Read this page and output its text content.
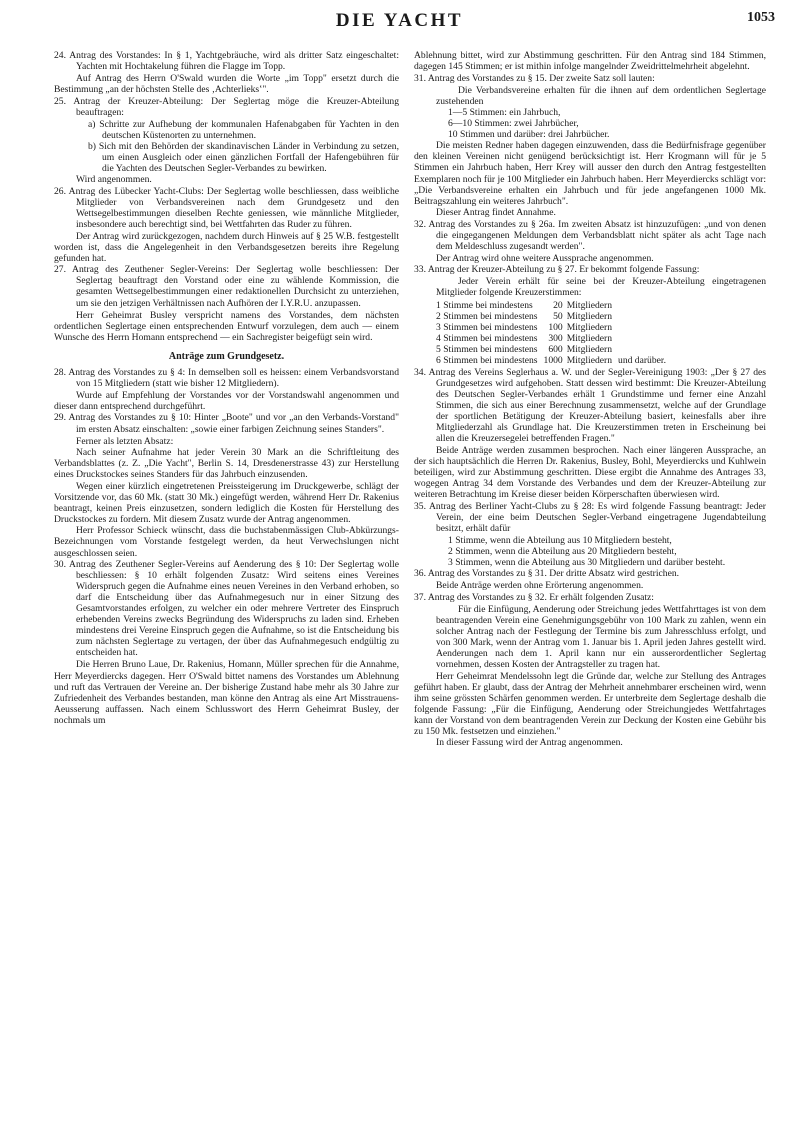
DIE YACHT	1053

24. Antrag des Vorstandes: In § 1, Yachtgebräuche, wird als dritter Satz eingeschaltet: Yachten mit Hochtakelung führen die Flagge im Topp.

Auf Antrag des Herrn O'Swald wurden die Worte „im Topp" ersetzt durch die Bestimmung „an der höchsten Stelle des ‚Achterlieks‛".

25. Antrag der Kreuzer-Abteilung: Der Seglertag möge die Kreuzer-Abteilung beauftragen:

a) Schritte zur Aufhebung der kommunalen Hafenabgaben für Yachten in den deutschen Küstenorten zu unternehmen.

b) Sich mit den Behörden der skandinavischen Länder in Verbindung zu setzen, um einen Ausgleich oder einen gänzlichen Fortfall der Hafengebühren für die Yachten des Deutschen Segler-Verbandes zu bewirken.

Wird angenommen.

26. Antrag des Lübecker Yacht-Clubs: Der Seglertag wolle beschliessen, dass weibliche Mitglieder von Verbandsvereinen nach dem Grundgesetz und den Wettsegelbestimmungen dieselben Rechte geniessen, wie männliche Mitglieder, insbesondere auch berechtigt sind, bei Wettfahrten das Ruder zu führen.

Der Antrag wird zurückgezogen, nachdem durch Hinweis auf § 25 W.B. festgestellt worden ist, dass die Angelegenheit in den Verbandsgesetzen bereits ihre Regelung gefunden hat.

27. Antrag des Zeuthener Segler-Vereins: Der Seglertag wolle beschliessen: Der Seglertag beauftragt den Vorstand oder eine zu wählende Kommission, die gesamten Wettsegelbestimmungen einer redaktionellen Durchsicht zu unterziehen, um sie den jetzigen Verhältnissen nach Aufhören der I.Y.R.U. anzupassen.

Herr Geheimrat Busley verspricht namens des Vorstandes, dem nächsten ordentlichen Seglertage einen entsprechenden Entwurf vorzulegen, dem auch — einem Wunsche des Herrn Homann entsprechend — ein Sachregister beigefügt sein wird.

Anträge zum Grundgesetz.

28. Antrag des Vorstandes zu § 4: In demselben soll es heissen: einem Verbandsvorstand von 15 Mitgliedern (statt wie bisher 12 Mitgliedern).

Wurde auf Empfehlung der Vorstandes vor der Vorstandswahl angenommen und dieser dann entsprechend durchgeführt.

29. Antrag des Vorstandes zu § 10: Hinter „Boote" und vor „an den Verbands-Vorstand" im ersten Absatz einschalten: „sowie einer farbigen Zeichnung seines Standers".

Ferner als letzten Absatz:

Nach seiner Aufnahme hat jeder Verein 30 Mark an die Schriftleitung des Verbandsblattes (z. Z. „Die Yacht", Berlin S. 14, Dresdenerstrasse 43) zur Herstellung eines Druckstockes seines Standers für das Jahrbuch einzusenden.

Wegen einer kürzlich eingetretenen Preissteigerung im Druckgewerbe, schlägt der Vorsitzende vor, das 60 Mk. (statt 30 Mk.) eingefügt werden, während Herr Dr. Rakenius beantragt, keinen Preis einzusetzen, sondern lediglich die Kosten für Herstellung des Druckstockes zu fordern. Mit diesem Zusatz wurde der Antrag angenommen.

Herr Professor Schieck wünscht, dass die buchstabenmässigen Club-Abkürzungs-Bezeichnungen vom Vorstande festgelegt werden, da heut Verwechslungen nicht ausgeschlossen seien.

30. Antrag des Zeuthener Segler-Vereins auf Aenderung des § 10: Der Seglertag wolle beschliessen: § 10 erhält folgenden Zusatz: Wird seitens eines Vereines Widerspruch gegen die Aufnahme eines neuen Vereines in den Verband erhoben, so darf die Entscheidung über das Aufnahmegesuch nur in einer Sitzung des Gesamtvorstandes erfolgen, zu welcher ein oder mehrere Vertreter des Einspruch erhebenden Vereins zwecks Begründung des Widerspruchs zu laden sind. Erheben mindestens drei Vereine Einspruch gegen die Aufnahme, so ist die Entscheidung bis zum nächsten Seglertage zu vertagen, der über das Aufnahmegesuch endgültig zu entscheiden hat.

Die Herren Bruno Laue, Dr. Rakenius, Homann, Müller sprechen für die Annahme, Herr Meyerdiercks dagegen. Herr O'Swald bittet namens des Vorstandes um Ablehnung und ruft das Vertrauen der Vereine an. Der bisherige Zustand habe mehr als 30 Jahre zur Zufriedenheit des Verbandes bestanden, man könne den Antrag als eine Art Misstrauens-Aeusserung auffassen. Nach einem Schlusswort des Herrn Geheimrat Busley, der nochmals um

Ablehnung bittet, wird zur Abstimmung geschritten. Für den Antrag sind 184 Stimmen, dagegen 145 Stimmen; er ist mithin infolge mangelnder Zweidrittelmehrheit abgelehnt.

31. Antrag des Vorstandes zu § 15. Der zweite Satz soll lauten:

Die Verbandsvereine erhalten für die ihnen auf dem ordentlichen Seglertage zustehenden

1—5 Stimmen: ein Jahrbuch,

6—10 Stimmen: zwei Jahrbücher,

10 Stimmen und darüber: drei Jahrbücher.

Die meisten Redner haben dagegen einzuwenden, dass die Bedürfnisfrage gegenüber den kleinen Vereinen nicht genügend berücksichtigt ist. Herr Krogmann will für je 5 Stimmen ein Jahrbuch haben, Herr Krey will ausser den durch den Antrag festgestellten Exemplaren noch für je 100 Mitglieder ein Jahrbuch haben. Herr Meyerdiercks schlägt vor: „Die Verbandsvereine erhalten ein Jahrbuch und für jede angefangenen 1000 Mk. Beitragszahlung ein weiteres Jahrbuch".

Dieser Antrag findet Annahme.

32. Antrag des Vorstandes zu § 26a. Im zweiten Absatz ist hinzuzufügen: „und von denen die eingegangenen Meldungen dem Verbandsblatt nicht später als acht Tage nach dem Meldeschluss zugesandt werden".

Der Antrag wird ohne weitere Aussprache angenommen.

33. Antrag der Kreuzer-Abteilung zu § 27. Er bekommt folgende Fassung:

Jeder Verein erhält für seine bei der Kreuzer-Abteilung eingetragenen Mitglieder folgende Kreuzerstimmen:

1 Stimme bei mindestens	20	Mitgliedern	
2 Stimmen bei mindestens	50	Mitgliedern	
3 Stimmen bei mindestens	100	Mitgliedern	
4 Stimmen bei mindestens	300	Mitgliedern	
5 Stimmen bei mindestens	600	Mitgliedern	
6 Stimmen bei mindestens	1000	Mitgliedern	und darüber.

34. Antrag des Vereins Seglerhaus a. W. und der Segler-Vereinigung 1903: „Der § 27 des Grundgesetzes wird aufgehoben. Statt dessen wird bestimmt: Die Kreuzer-Abteilung des Deutschen Segler-Verbandes erhält 1 Grundstimme und ferner eine Anzahl Stimmen, die sich aus einer Berechnung zusammensetzt, welche auf der Grundlage der sportlichen Betätigung der Kreuzer-Abteilung basiert, keinesfalls aber ihre Mitgliederzahl als Grundlage hat. Die Kreuzerstimmen treten in Erscheinung bei allen die Kreuzersegelei betreffenden Fragen."

Beide Anträge werden zusammen besprochen. Nach einer längeren Aussprache, an der sich hauptsächlich die Herren Dr. Rakenius, Busley, Bohl, Meyerdiercks und Kuhlwein beteiligen, wird zur Abstimmung geschritten. Diese ergibt die Annahme des Antrages 33, wogegen Antrag 34 dem Vorstande des Verbandes und dem der Kreuzer-Abteilung zur weiteren Betrachtung im Kreise dieser beiden Körperschaften überwiesen wird.

35. Antrag des Berliner Yacht-Clubs zu § 28: Es wird folgende Fassung beantragt: Jeder Verein, der eine beim Deutschen Segler-Verband eingetragene Jugendabteilung besitzt, erhält dafür

1 Stimme, wenn die Abteilung aus 10 Mitgliedern besteht,

2 Stimmen, wenn die Abteilung aus 20 Mitgliedern besteht,

3 Stimmen, wenn die Abteilung aus 30 Mitgliedern und darüber besteht.

36. Antrag des Vorstandes zu § 31. Der dritte Absatz wird gestrichen.

Beide Anträge werden ohne Erörterung angenommen.

37. Antrag des Vorstandes zu § 32. Er erhält folgenden Zusatz:

Für die Einfügung, Aenderung oder Streichung jedes Wettfahrttages ist von dem beantragenden Verein eine Genehmigungsgebühr von 100 Mark zu zahlen, wenn ein solcher Antrag nach der Festlegung der Termine bis zum Jahresschluss erfolgt, und von 300 Mark, wenn der Antrag vom 1. Januar bis 1. April jeden Jahres gestellt wird. Aenderungen nach dem 1. April kann nur ein ausserordentlicher Seglertag vornehmen, dessen Kosten der Antragsteller zu tragen hat.

Herr Geheimrat Mendelssohn legt die Gründe dar, welche zur Stellung des Antrages geführt haben. Er glaubt, dass der Antrag der Mehrheit annehmbarer erscheinen wird, wenn ihm seine grössten Schärfen genommen werden. Er unterbreite dem Seglertage deshalb die folgende Fassung: „Für die Einfügung, Aenderung oder Streichungjedes Wettfahrtages kann der Vorstand von dem beantragenden Verein zur Deckung der Kosten eine Gebühr bis zu 150 Mk. festsetzen und einziehen."

In dieser Fassung wird der Antrag angenommen.
